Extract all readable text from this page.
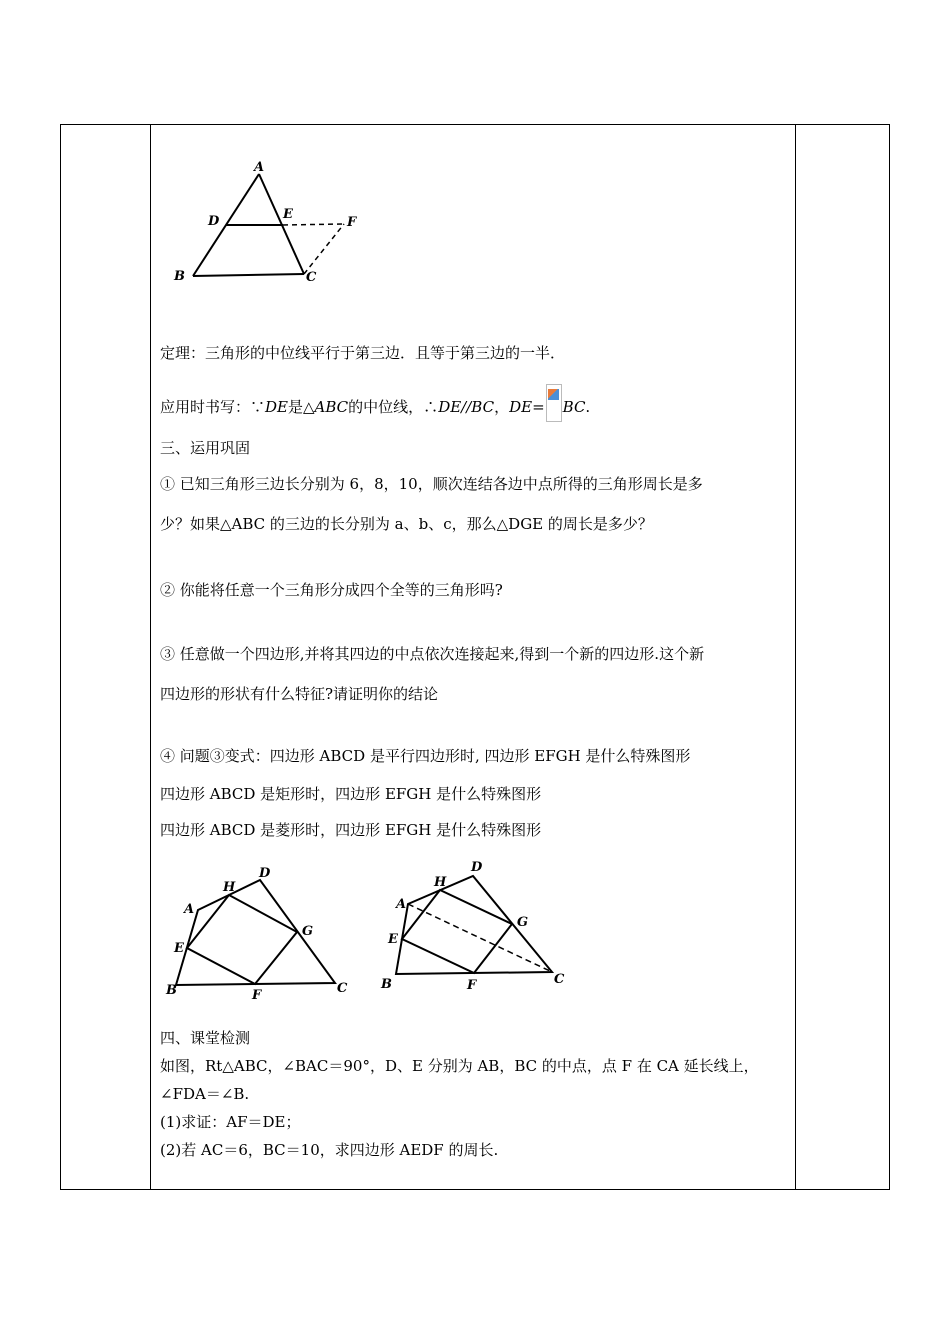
A
D	E
F
B	C
定理：三角形的中位线平行于第三边．且等于第三边的一半．
应用时书写：∵DE是△ABC的中位线，∴DE//BC，DE= BC.
三、运用巩固
① 已知三角形三边长分别为 6，8，10，顺次连结各边中点所得的三角形周长是多
少？如果△ABC 的三边的长分别为 a、b、c，那么△DGE 的周长是多少？
② 你能将任意一个三角形分成四个全等的三角形吗?
③ 任意做一个四边形,并将其四边的中点依次连接起来,得到一个新的四边形.这个新
四边形的形状有什么特征?请证明你的结论
④ 问题③变式：四边形 ABCD 是平行四边形时, 四边形 EFGH 是什么特殊图形
四边形 ABCD 是矩形时，四边形 EFGH 是什么特殊图形
四边形 ABCD 是菱形时，四边形 EFGH 是什么特殊图形
A
H
D
G
E
B	F	C
A
H
D
G
E
B	F	C
四、课堂检测
如图，Rt△ABC，∠BAC＝90°，D、E 分别为 AB，BC 的中点，点 F 在 CA 延长线上，
∠FDA＝∠B.
(1)求证：AF＝DE；
(2)若 AC＝6，BC＝10，求四边形 AEDF 的周长.
